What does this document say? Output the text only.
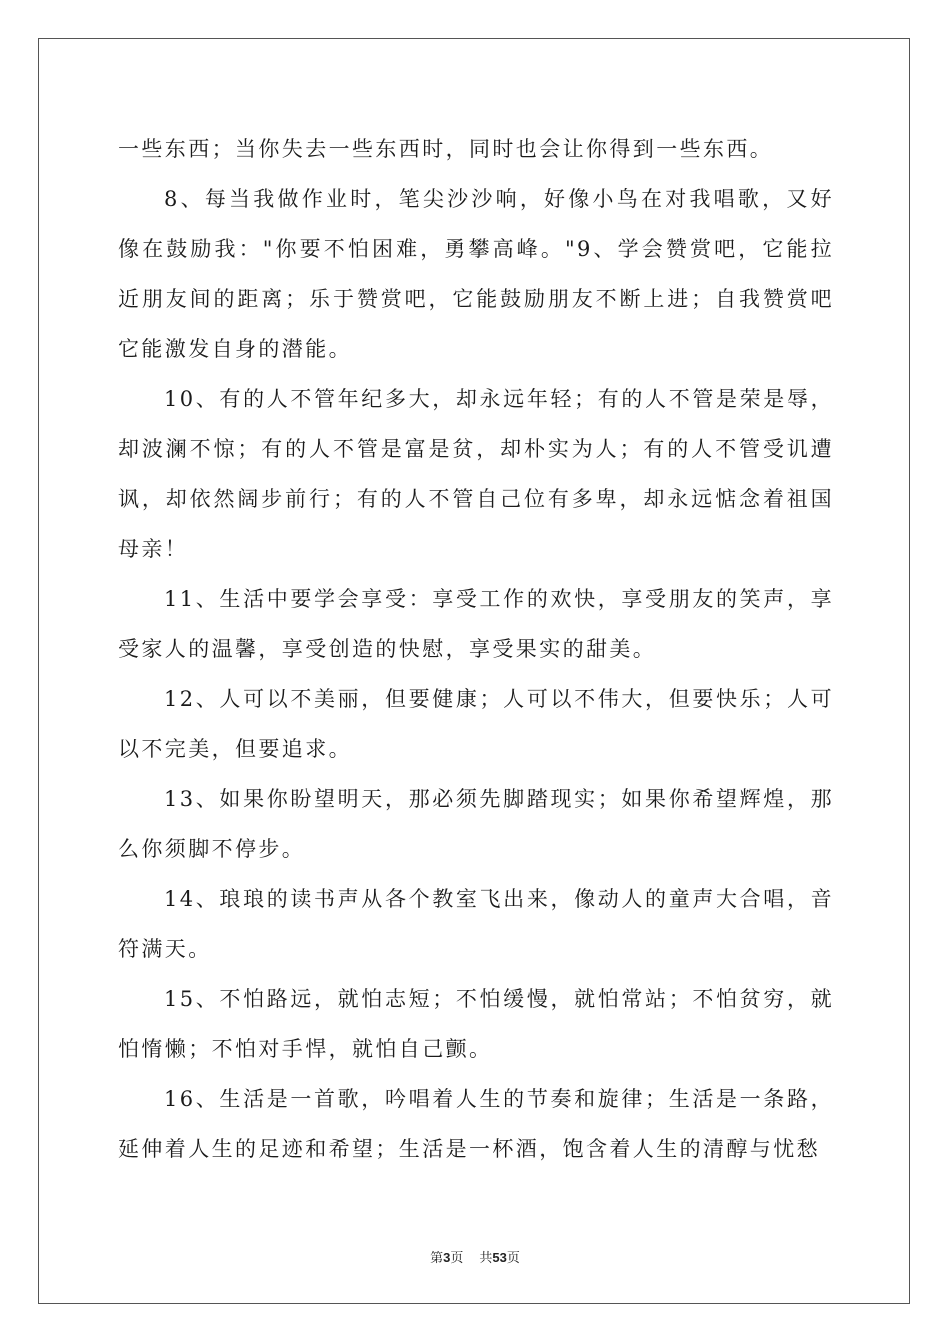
一些东西；当你失去一些东西时，同时也会让你得到一些东西。

8、每当我做作业时，笔尖沙沙响，好像小鸟在对我唱歌，又好像在鼓励我："你要不怕困难，勇攀高峰。"9、学会赞赏吧，它能拉近朋友间的距离；乐于赞赏吧，它能鼓励朋友不断上进；自我赞赏吧它能激发自身的潜能。

10、有的人不管年纪多大，却永远年轻；有的人不管是荣是辱，却波澜不惊；有的人不管是富是贫，却朴实为人；有的人不管受讥遭讽，却依然阔步前行；有的人不管自己位有多卑，却永远惦念着祖国母亲！

11、生活中要学会享受：享受工作的欢快，享受朋友的笑声，享受家人的温馨，享受创造的快慰，享受果实的甜美。

12、人可以不美丽，但要健康；人可以不伟大，但要快乐；人可以不完美，但要追求。

13、如果你盼望明天，那必须先脚踏现实；如果你希望辉煌，那么你须脚不停步。

14、琅琅的读书声从各个教室飞出来，像动人的童声大合唱，音符满天。

15、不怕路远，就怕志短；不怕缓慢，就怕常站；不怕贫穷，就怕惰懒；不怕对手悍，就怕自己颤。

16、生活是一首歌，吟唱着人生的节奏和旋律；生活是一条路，延伸着人生的足迹和希望；生活是一杯酒，饱含着人生的清醇与忧愁

第3页 共53页
